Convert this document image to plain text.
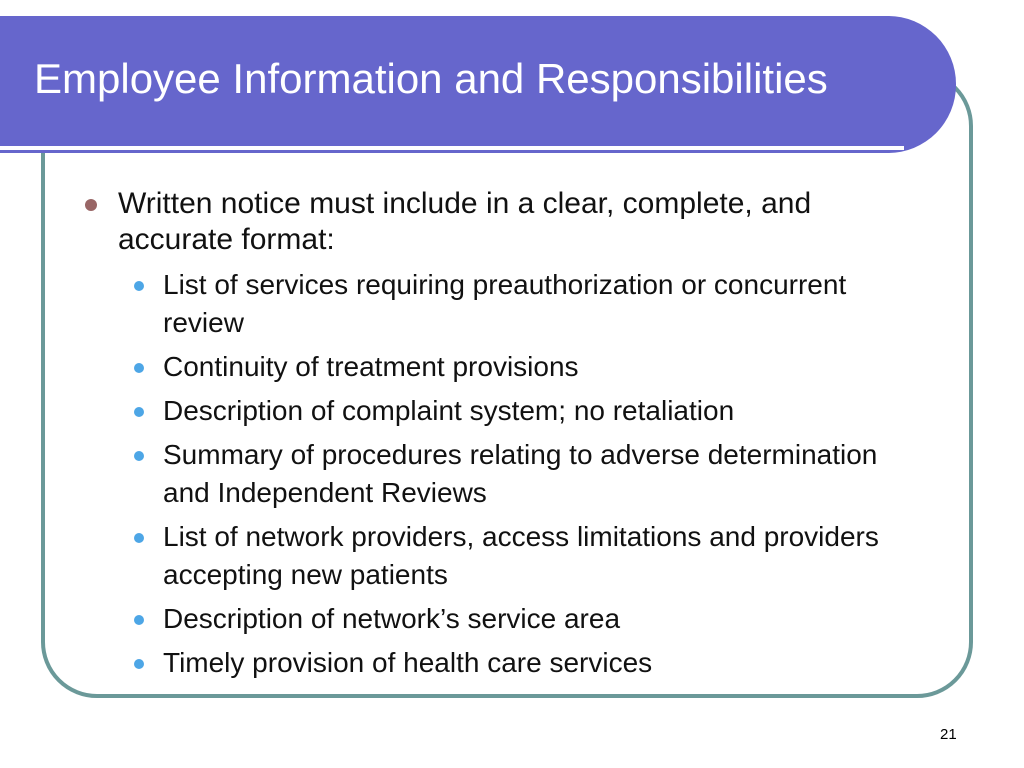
Employee Information and Responsibilities
Written notice must include in a clear, complete, and accurate format:
List of services requiring preauthorization or concurrent review
Continuity of treatment provisions
Description of complaint system; no retaliation
Summary of procedures relating to adverse determination and Independent Reviews
List of network providers, access limitations and providers accepting new patients
Description of network’s service area
Timely provision of health care services
21
